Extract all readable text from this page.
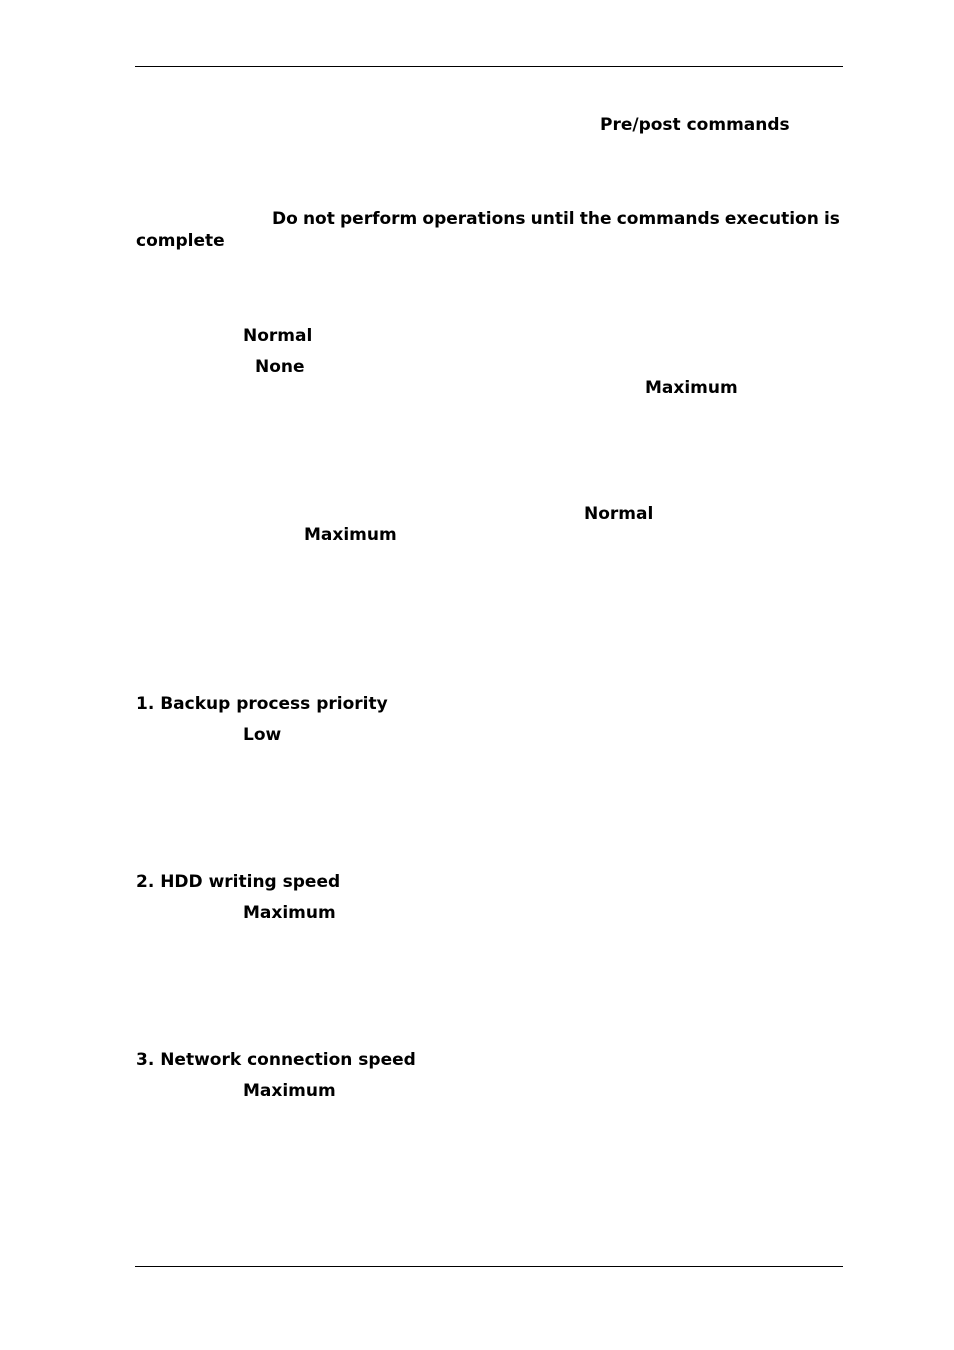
Pre/post commands
Do not perform operations until the commands execution is
complete
Normal
None
Maximum
Normal
Maximum
1. Backup process priority
Low
2. HDD writing speed
Maximum
3. Network connection speed
Maximum
